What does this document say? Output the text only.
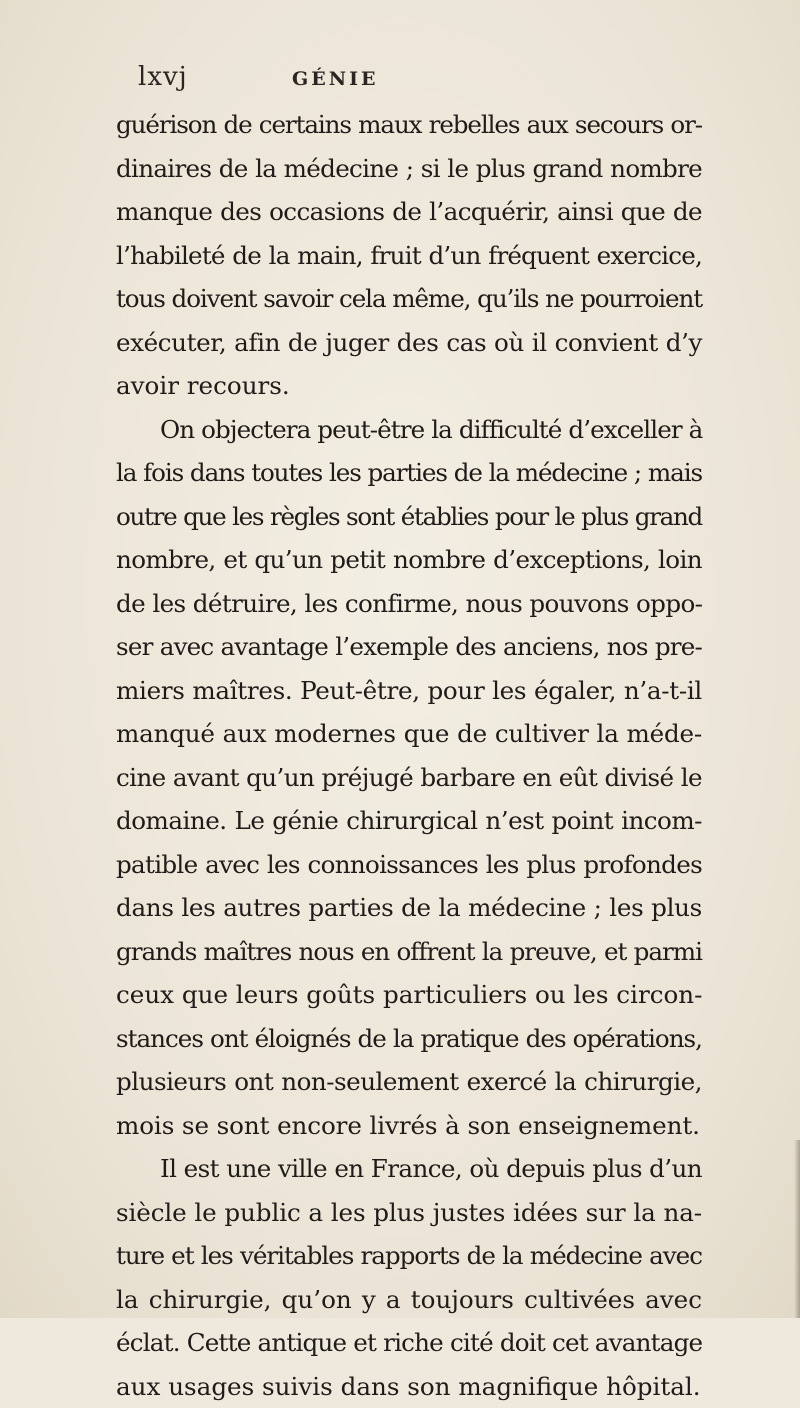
lxvj	GÉNIE
guérison de certains maux rebelles aux secours or-
dinaires de la médecine ; si le plus grand nombre
manque des occasions de l’acquérir, ainsi que de
l’habileté de la main, fruit d’un fréquent exercice,
tous doivent savoir cela même, qu’ils ne pourroient
exécuter, afin de juger des cas où il convient d’y
avoir recours.
On objectera peut-être la difficulté d’exceller à
la fois dans toutes les parties de la médecine ; mais
outre que les règles sont établies pour le plus grand
nombre, et qu’un petit nombre d’exceptions, loin
de les détruire, les confirme, nous pouvons oppo-
ser avec avantage l’exemple des anciens, nos pre-
miers maîtres. Peut-être, pour les égaler, n’a-t-il
manqué aux modernes que de cultiver la méde-
cine avant qu’un préjugé barbare en eût divisé le
domaine. Le génie chirurgical n’est point incom-
patible avec les connoissances les plus profondes
dans les autres parties de la médecine ; les plus
grands maîtres nous en offrent la preuve, et parmi
ceux que leurs goûts particuliers ou les circon-
stances ont éloignés de la pratique des opérations,
plusieurs ont non-seulement exercé la chirurgie,
mois se sont encore livrés à son enseignement.
Il est une ville en France, où depuis plus d’un
siècle le public a les plus justes idées sur la na-
ture et les véritables rapports de la médecine avec
la chirurgie, qu’on y a toujours cultivées avec
éclat. Cette antique et riche cité doit cet avantage
aux usages suivis dans son magnifique hôpital.
